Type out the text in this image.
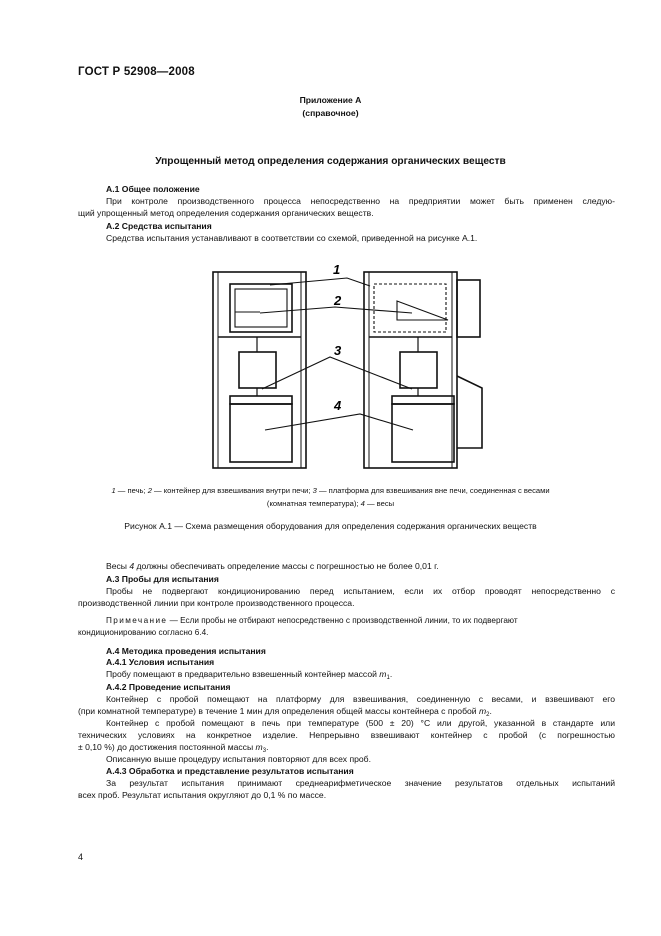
ГОСТ Р 52908—2008
Приложение А
(справочное)
Упрощенный метод определения содержания органических веществ
А.1 Общее положение
При контроле производственного процесса непосредственно на предприятии может быть применен следую-
щий упрощенный метод определения содержания органических веществ.
А.2 Средства испытания
Средства испытания устанавливают в соответствии со схемой, приведенной на рисунке А.1.
1
2
3
4
1 — печь; 2 — контейнер для взвешивания внутри печи; 3 — платформа для взвешивания вне печи, соединенная с весами
(комнатная температура); 4 — весы
Рисунок А.1 — Схема размещения оборудования для определения содержания органических веществ
Весы 4 должны обеспечивать определение массы с погрешностью не более 0,01 г.
А.3 Пробы для испытания
Пробы не подвергают кондиционированию перед испытанием, если их отбор проводят непосредственно с
производственной линии при контроле производственного процесса.
Примечание — Если пробы не отбирают непосредственно с производственной линии, то их подвергают
кондиционированию согласно 6.4.
А.4 Методика проведения испытания
А.4.1 Условия испытания
Пробу помещают в предварительно взвешенный контейнер массой $m_1$.
А.4.2 Проведение испытания
Контейнер с пробой помещают на платформу для взвешивания, соединенную с весами, и взвешивают его
(при комнатной температуре) в течение 1 мин для определения общей массы контейнера с пробой $m_2$.
Контейнер с пробой помещают в печь при температуре (500 ± 20) °С или другой, указанной в стандарте или
технических условиях на конкретное изделие. Непрерывно взвешивают контейнер с пробой (с погрешностью
± 0,10 %) до достижения постоянной массы $m_3$.
Описанную выше процедуру испытания повторяют для всех проб.
А.4.3 Обработка и представление результатов испытания
За результат испытания принимают среднеарифметическое значение результатов отдельных испытаний
всех проб. Результат испытания округляют до 0,1 % по массе.
4
